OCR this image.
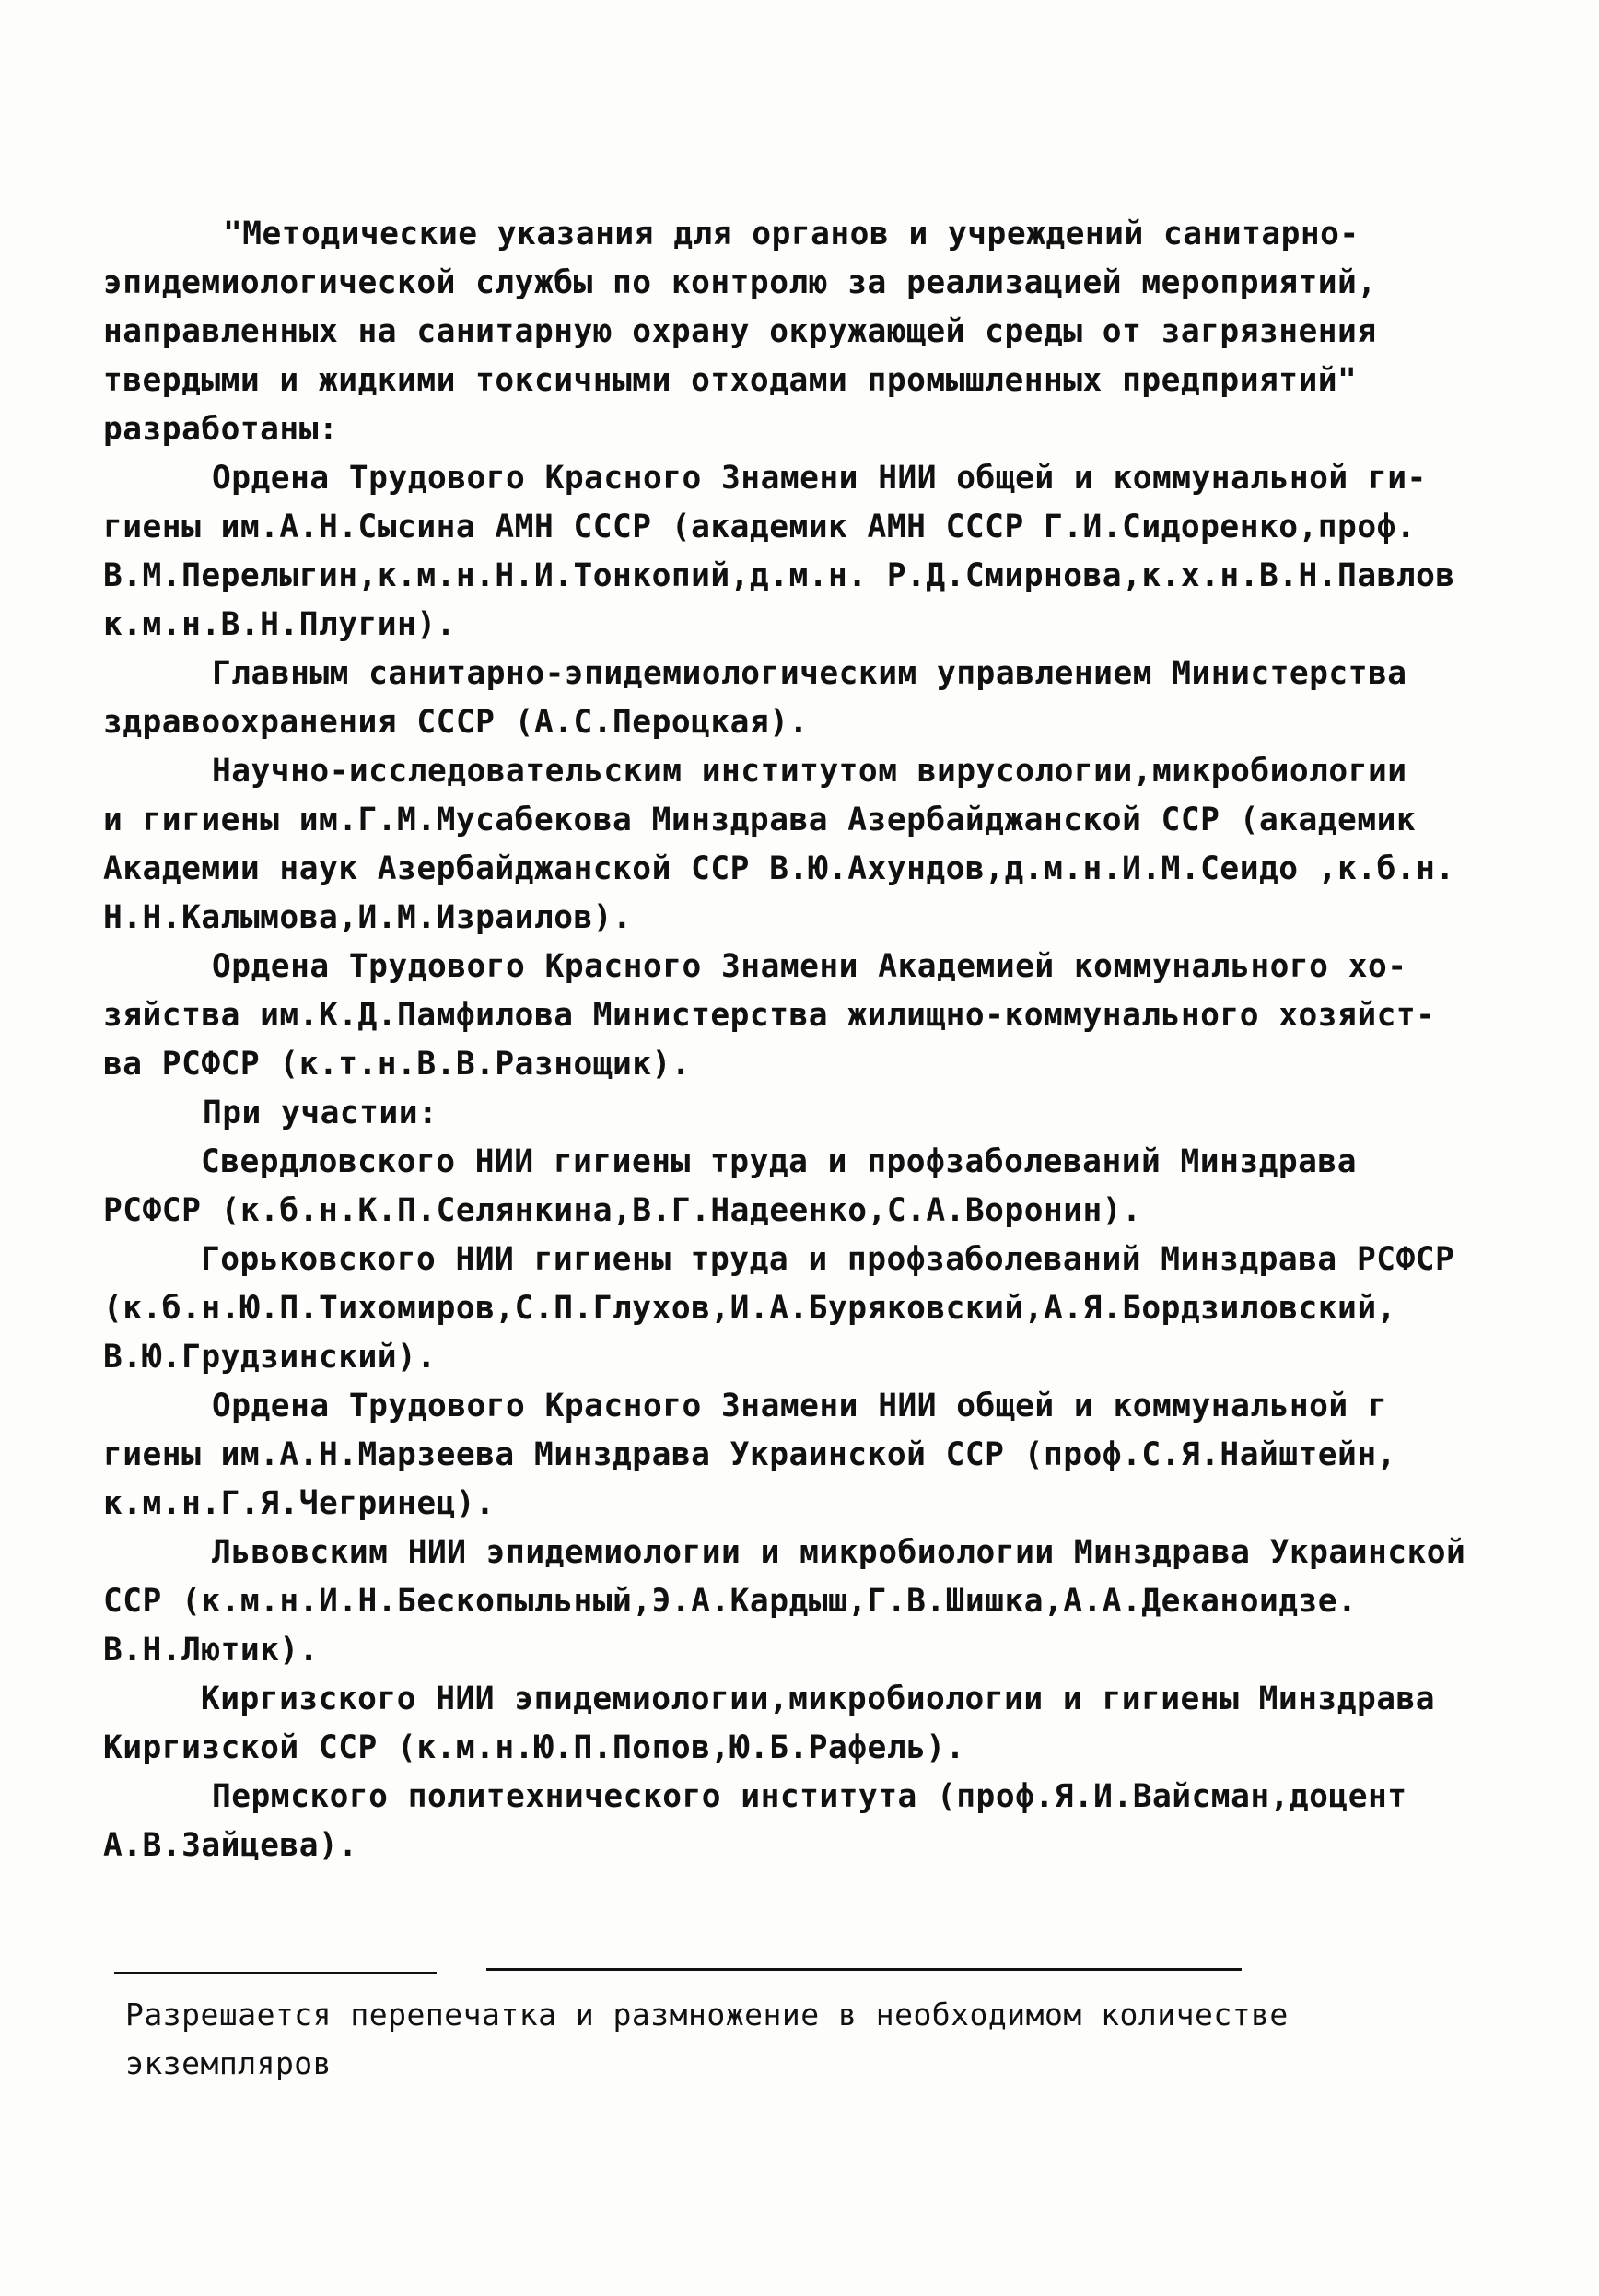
"Методические указания для органов и учреждений санитарно-
эпидемиологической службы по контролю за реализацией мероприятий,
направленных на санитарную охрану окружающей среды от загрязнения
твердыми и жидкими токсичными отходами промышленных предприятий"
разработаны:

Ордена Трудового Красного Знамени НИИ общей и коммунальной ги-
гиены им.А.Н.Сысина АМН СССР (академик АМН СССР Г.И.Сидоренко,проф.
В.М.Перелыгин,к.м.н.Н.И.Тонкопий,д.м.н. Р.Д.Смирнова,к.х.н.В.Н.Павлов
к.м.н.В.Н.Плугин).

Главным санитарно-эпидемиологическим управлением Министерства
здравоохранения СССР (А.С.Пероцкая).

Научно-исследовательским институтом вирусологии,микробиологии
и гигиены им.Г.М.Мусабекова Минздрава Азербайджанской ССР (академик
Академии наук Азербайджанской ССР В.Ю.Ахундов,д.м.н.И.М.Сеидо ,к.б.н.
Н.Н.Калымова,И.М.Израилов).

Ордена Трудового Красного Знамени Академией коммунального хо-
зяйства им.К.Д.Памфилова Министерства жилищно-коммунального хозяйст-
ва РСФСР (к.т.н.В.В.Разнощик).

При участии:

Свердловского НИИ гигиены труда и профзаболеваний Минздрава
РСФСР (к.б.н.К.П.Селянкина,В.Г.Надеенко,С.А.Воронин).

Горьковского НИИ гигиены труда и профзаболеваний Минздрава РСФСР
(к.б.н.Ю.П.Тихомиров,С.П.Глухов,И.А.Буряковский,А.Я.Бордзиловский,
В.Ю.Грудзинский).

Ордена Трудового Красного Знамени НИИ общей и коммунальной г
гиены им.А.Н.Марзеева Минздрава Украинской ССР (проф.С.Я.Найштейн,
к.м.н.Г.Я.Чегринец).

Львовским НИИ эпидемиологии и микробиологии Минздрава Украинской
ССР (к.м.н.И.Н.Бескопыльный,Э.А.Кардыш,Г.В.Шишка,А.А.Деканоидзе.
В.Н.Лютик).

Киргизского НИИ эпидемиологии,микробиологии и гигиены Минздрава
Киргизской ССР (к.м.н.Ю.П.Попов,Ю.Б.Рафель).

Пермского политехнического института (проф.Я.И.Вайсман,доцент
А.В.Зайцева).

Разрешается перепечатка и размножение в необходимом количестве
экземпляров
